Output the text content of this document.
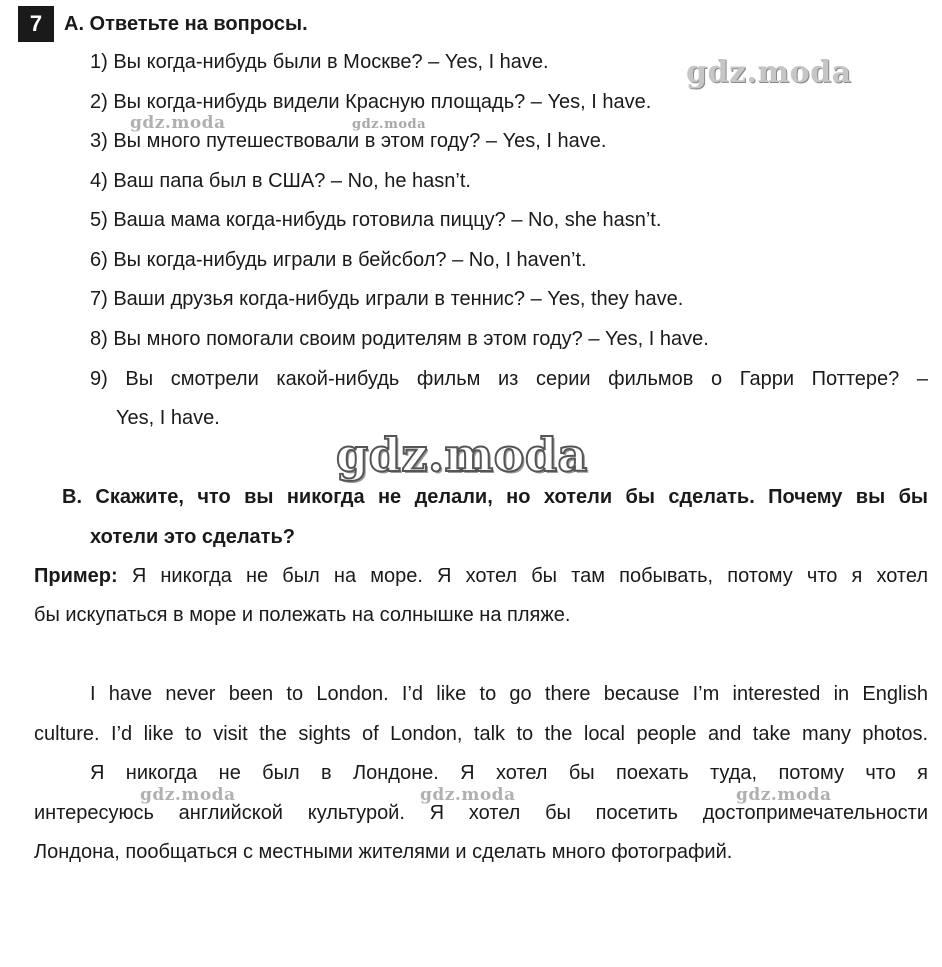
7	A. Ответьте на вопросы.
1) Вы когда-нибудь были в Москве? – Yes, I have.
2) Вы когда-нибудь видели Красную площадь? – Yes, I have.
3) Вы много путешествовали в этом году? – Yes, I have.
4) Ваш папа был в США? – No, he hasn’t.
5) Ваша мама когда-нибудь готовила пиццу? – No, she hasn’t.
6) Вы когда-нибудь играли в бейсбол? – No, I haven’t.
7) Ваши друзья когда-нибудь играли в теннис? – Yes, they have.
8) Вы много помогали своим родителям в этом году? – Yes, I have.
9) Вы смотрели какой-нибудь фильм из серии фильмов о Гарри Поттере? –
Yes, I have.
B. Скажите, что вы никогда не делали, но хотели бы сделать. Почему вы бы
хотели это сделать?
Пример: Я никогда не был на море. Я хотел бы там побывать, потому что я хотел
бы искупаться в море и полежать на солнышке на пляже.
I have never been to London. I’d like to go there because I’m interested in English
culture. I’d like to visit the sights of London, talk to the local people and take many photos.
Я никогда не был в Лондоне. Я хотел бы поехать туда, потому что я
интересуюсь английской культурой. Я хотел бы посетить достопримечательности
Лондона, пообщаться с местными жителями и сделать много фотографий.
gdz.moda
gdz.moda	gdz.moda
gdz.moda
gdz.moda	gdz.moda	gdz.moda
